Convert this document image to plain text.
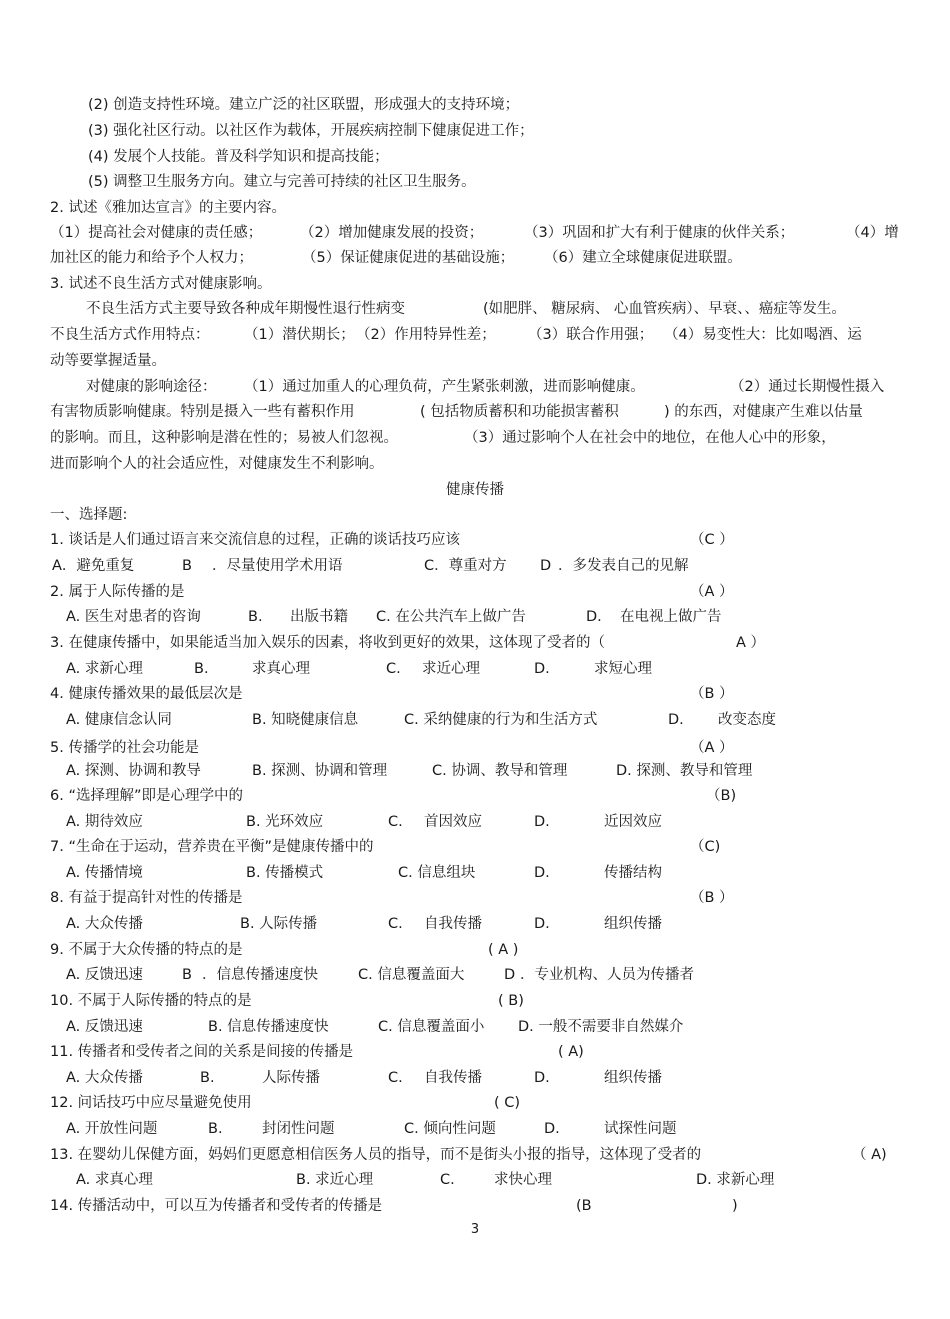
(2) 创造支持性环境。建立广泛的社区联盟，形成强大的支持环境；
(3) 强化社区行动。以社区作为载体，开展疾病控制下健康促进工作；
(4) 发展个人技能。普及科学知识和提高技能；
(5) 调整卫生服务方向。建立与完善可持续的社区卫生服务。
2. 试述《雅加达宣言》的主要内容。
（1）提高社会对健康的责任感；	（2）增加健康发展的投资；	（3）巩固和扩大有利于健康的伙伴关系；	（4）增
加社区的能力和给予个人权力；	（5）保证健康促进的基础设施； （6）建立全球健康促进联盟。
3. 试述不良生活方式对健康影响。
不良生活方式主要导致各种成年期慢性退行性病变	(如肥胖、 糖尿病、 心血管疾病）、早衰、、癌症等发生。
不良生活方式作用特点： （1）潜伏期长； （2）作用特异性差； （3）联合作用强； （4）易变性大：比如喝酒、运
动等要掌握适量。
对健康的影响途径： （1）通过加重人的心理负荷，产生紧张刺激，进而影响健康。	（2）通过长期慢性摄入
有害物质影响健康。特别是摄入一些有蓄积作用	( 包括物质蓄积和功能损害蓄积	) 的东西，对健康产生难以估量
的影响。而且，这种影响是潜在性的；易被人们忽视。	（3）通过影响个人在社会中的地位，在他人心中的形象，
进而影响个人的社会适应性，对健康发生不利影响。
健康传播
一、选择题:
1. 谈话是人们通过语言来交流信息的过程，正确的谈话技巧应该	（C ）
A．避免重复	B ．尽量使用学术用语	C．尊重对方 D ．多发表自己的见解
2. 属于人际传播的是	（A ）
A. 医生对患者的咨询	B. 出版书籍 C. 在公共汽车上做广告	D. 在电视上做广告
3. 在健康传播中，如果能适当加入娱乐的因素，将收到更好的效果，这体现了受者的（	A ）
A. 求新心理	B.	求真心理	C. 求近心理	D.	求短心理
4. 健康传播效果的最低层次是	（B ）
A. 健康信念认同	B. 知晓健康信息	C. 采纳健康的行为和生活方式	D. 改变态度
5. 传播学的社会功能是	（A ）
A. 探测、协调和教导	B. 探测、协调和管理	C. 协调、教导和管理	D. 探测、教导和管理
6. “选择理解”即是心理学中的	（B)
A. 期待效应	B. 光环效应	C. 首因效应	D.	近因效应
7. “生命在于运动，营养贵在平衡”是健康传播中的	（C)
A. 传播情境	B. 传播模式	C. 信息组块	D.	传播结构
8. 有益于提高针对性的传播是	（B ）
A. 大众传播	B. 人际传播	C. 自我传播	D.	组织传播
9. 不属于大众传播的特点的是	( A )
A. 反馈迅速	B ．信息传播速度快	C. 信息覆盖面大	D ．专业机构、人员为传播者
10. 不属于人际传播的特点的是	( B)
A. 反馈迅速	B. 信息传播速度快	C. 信息覆盖面小 D. 一般不需要非自然媒介
11. 传播者和受传者之间的关系是间接的传播是	( A)
A. 大众传播	B.	人际传播	C. 自我传播	D.	组织传播
12. 问话技巧中应尽量避免使用	( C)
A. 开放性问题	B.	封闭性问题	C. 倾向性问题	D.	试探性问题
13. 在婴幼儿保健方面，妈妈们更愿意相信医务人员的指导，而不是街头小报的指导，这体现了受者的	（ A)
A. 求真心理	B. 求近心理	C.	求快心理	D. 求新心理
14. 传播活动中，可以互为传播者和受传者的传播是	(B	)
3
